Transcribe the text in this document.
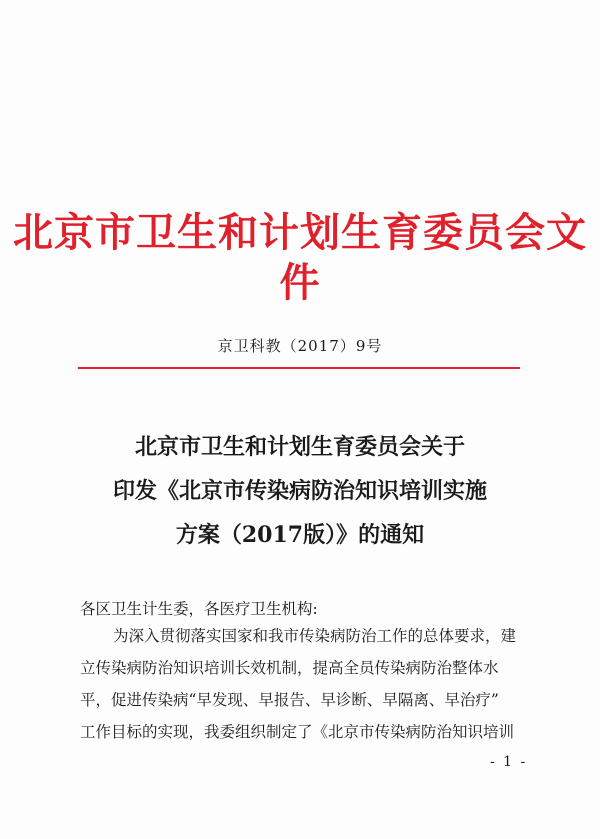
北京市卫生和计划生育委员会文件
京卫科教（2017）9号
北京市卫生和计划生育委员会关于
印发《北京市传染病防治知识培训实施
方案（2017版）》的通知
各区卫生计生委，各医疗卫生机构:
为深入贯彻落实国家和我市传染病防治工作的总体要求，建
立传染病防治知识培训长效机制，提高全员传染病防治整体水
平，促进传染病“早发现、早报告、早诊断、早隔离、早治疗”
工作目标的实现，我委组织制定了《北京市传染病防治知识培训
- 1 -
